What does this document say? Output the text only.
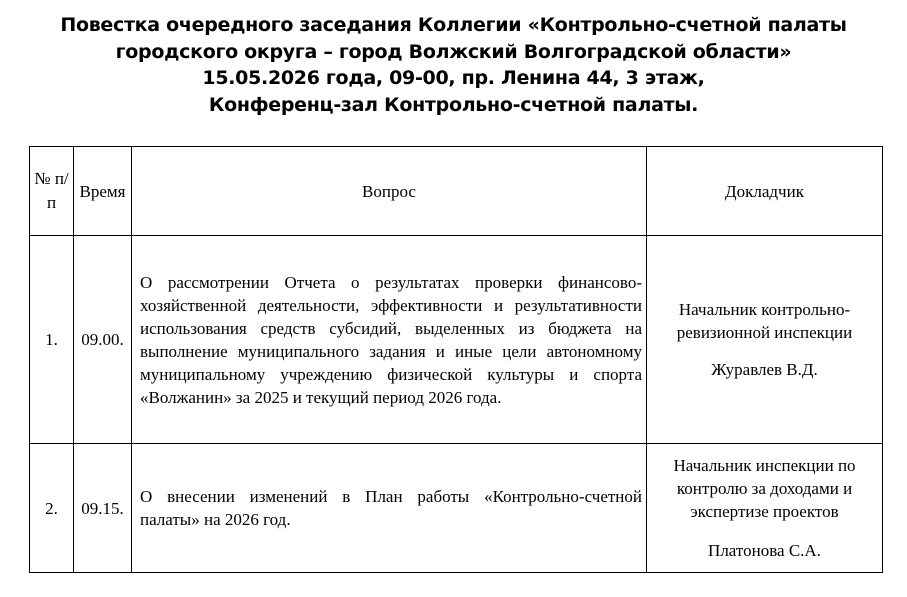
Повестка очередного заседания Коллегии «Контрольно-счетной палаты
городского округа – город Волжский Волгоградской области»
15.05.2026 года, 09-00, пр. Ленина 44, 3 этаж,
Конференц-зал Контрольно-счетной палаты.
№ п/п	Время	Вопрос	Докладчик
1.	09.00.	О рассмотрении Отчета о результатах проверки финансово-хозяйственной деятельности, эффективности и результативности использования средств субсидий, выделенных из бюджета на выполнение муниципального задания и иные цели автономному муниципальному учреждению физической культуры и спорта «Волжанин» за 2025 и текущий период 2026 года.	Начальник контрольно-ревизионной инспекции
Журавлев В.Д.

2.	09.15.	О внесении изменений в План работы «Контрольно-счетной палаты» на 2026 год.	Начальник инспекции по контролю за доходами и экспертизе проектов
Платонова С.А.
